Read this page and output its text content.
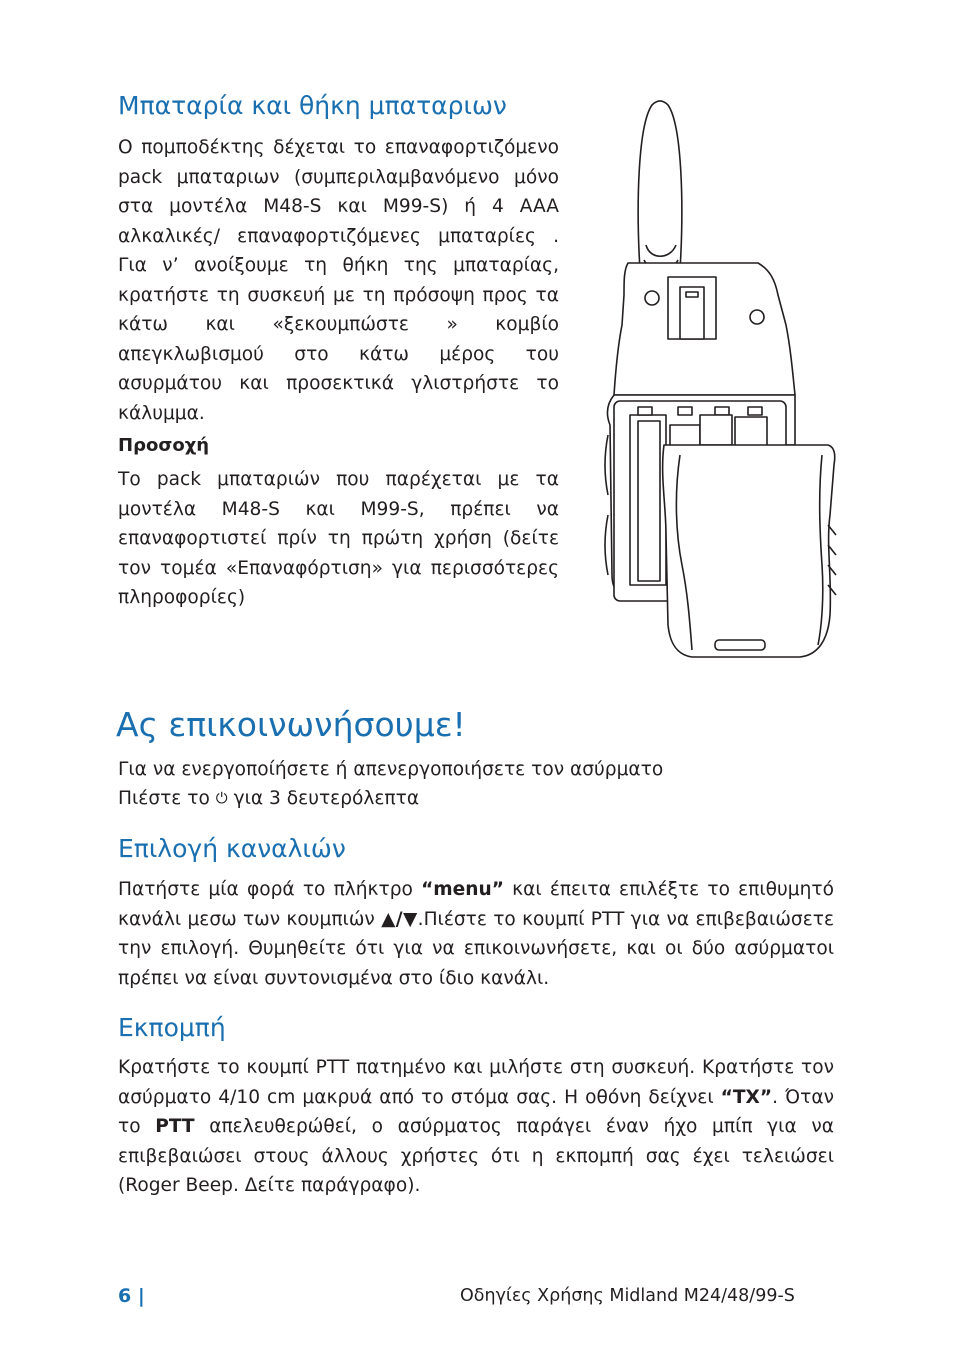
Μπαταρία και θήκη μπαταριων

Ο πομποδέκτης δέχεται το επαναφορτιζόμενο pack μπαταριων (συμπεριλαμβανόμενο μόνο στα μοντέλα M48-S και M99-S) ή 4 AAA αλκαλικές/ επαναφορτιζόμενες μπαταρίες . Για ν’ ανοίξουμε τη θήκη της μπαταρίας, κρατήστε τη συσκευή με τη πρόσοψη προς τα κάτω και «ξεκουμπώστε » κομβίο απεγκλωβισμού στο κάτω μέρος του ασυρμάτου και προσεκτικά γλιστρήστε το κάλυμμα.

Προσοχή

Το pack μπαταριών που παρέχεται με τα μοντέλα M48-S και M99-S, πρέπει να επαναφορτιστεί πρίν τη πρώτη χρήση (δείτε τον τομέα «Επαναφόρτιση» για περισσότερες πληροφορίες)

Ας επικοινωνήσουμε!

Για να ενεργοποίήσετε ή απενεργοποιήσετε τον ασύρματο

Πιέστε το ⏻ για 3 δευτερόλεπτα

Επιλογή καναλιών

Πατήστε μία φορά το πλήκτρο “menu” και έπειτα επιλέξτε το επιθυμητό κανάλι μεσω των κουμπιών ▲/▼.Πιέστε το κουμπί PTT για να επιβεβαιώσετε την επιλογή. Θυμηθείτε ότι για να επικοινωνήσετε, και οι δύο ασύρματοι πρέπει να είναι συντονισμένα στο ίδιο κανάλι.

Εκπομπή

Κρατήστε το κουμπί PTT πατημένο και μιλήστε στη συσκευή. Κρατήστε τον ασύρματο 4/10 cm μακρυά από το στόμα σας. Η οθόνη δείχνει “TX”. Όταν το PTT απελευθερώθεί, ο ασύρματος παράγει έναν ήχο μπίπ για να επιβεβαιώσει στους άλλους χρήστες ότι η εκπομπή σας έχει τελειώσει (Roger Beep. Δείτε παράγραφο).

6 |	Οδηγίες Χρήσης Midland M24/48/99-S
